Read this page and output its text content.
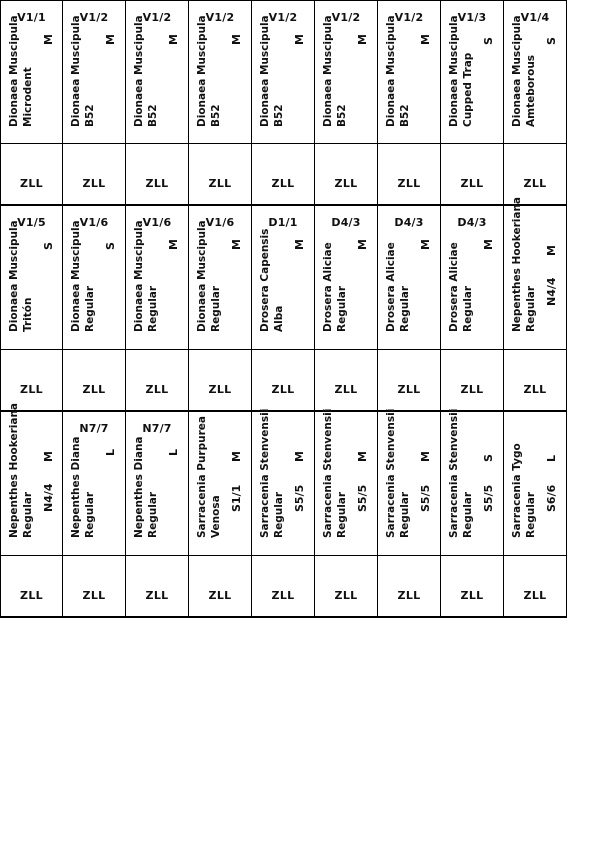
V1/1
Dionaea Muscipula Microdent
M
ZLL
V1/2
Dionaea Muscipula B52
M
ZLL
V1/2
Dionaea Muscipula B52
M
ZLL
V1/2
Dionaea Muscipula B52
M
ZLL
V1/2
Dionaea Muscipula B52
M
ZLL
V1/2
Dionaea Muscipula B52
M
ZLL
V1/2
Dionaea Muscipula B52
M
ZLL
V1/3
Dionaea Muscipula Cupped Trap
S
ZLL
V1/4
Dionaea Muscipula Amteborous
S
ZLL
V1/5
Dionaea Muscipula Tritón
S
ZLL
V1/6
Dionaea Muscipula Regular
S
ZLL
V1/6
Dionaea Muscipula Regular
M
ZLL
V1/6
Dionaea Muscipula Regular
M
ZLL
D1/1
Drosera Capensis Alba
M
ZLL
D4/3
Drosera Aliciae Regular
M
ZLL
D4/3
Drosera Aliciae Regular
M
ZLL
D4/3
Drosera Aliciae Regular
M
ZLL
Nepenthes Hookeriana Regular
M
N4/4
ZLL
Nepenthes Hookeriana Regular
M
N4/4
ZLL
N7/7
Nepenthes Diana Regular
L
ZLL
N7/7
Nepenthes Diana Regular
L
ZLL
Sarracenia Purpurea Venosa
M
S1/1
ZLL
Sarracenia Stenvensii Regular
M
S5/5
ZLL
Sarracenia Stenvensii Regular
M
S5/5
ZLL
Sarracenia Stenvensii Regular
M
S5/5
ZLL
Sarracenia Stenvensii Regular
S
S5/5
ZLL
Sarracenia Tygo Regular
L
S6/6
ZLL
